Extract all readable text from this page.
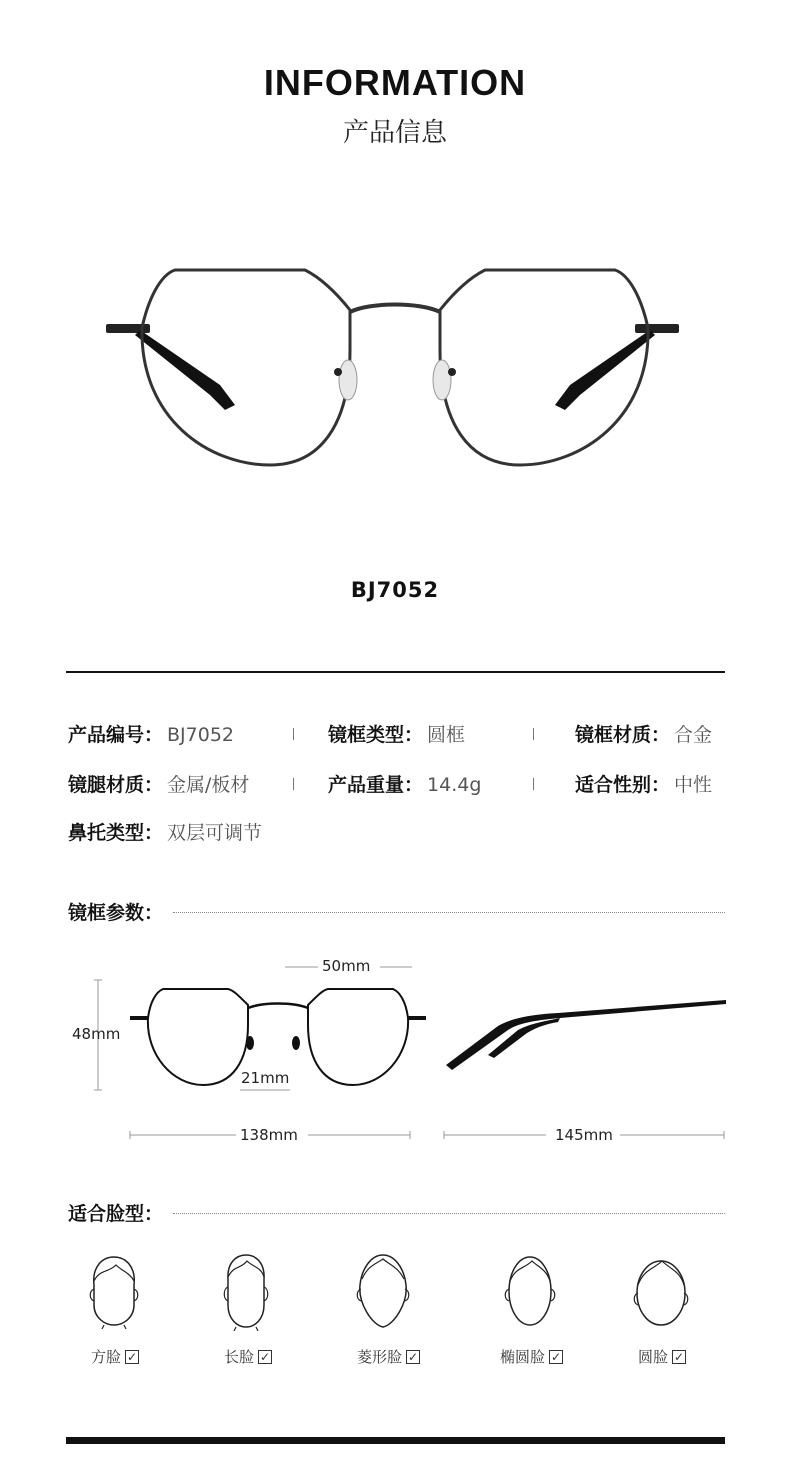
INFORMATION
产品信息
BJ7052
产品编号： BJ7052	镜框类型： 圆框	镜框材质： 合金
镜腿材质： 金属/板材	产品重量： 14.4g	适合性别： 中性
鼻托类型： 双层可调节
镜框参数：
50mm
48mm
21mm
138mm	145mm
适合脸型：
方脸 ✓	长脸 ✓	菱形脸 ✓	椭圆脸 ✓	圆脸 ✓
